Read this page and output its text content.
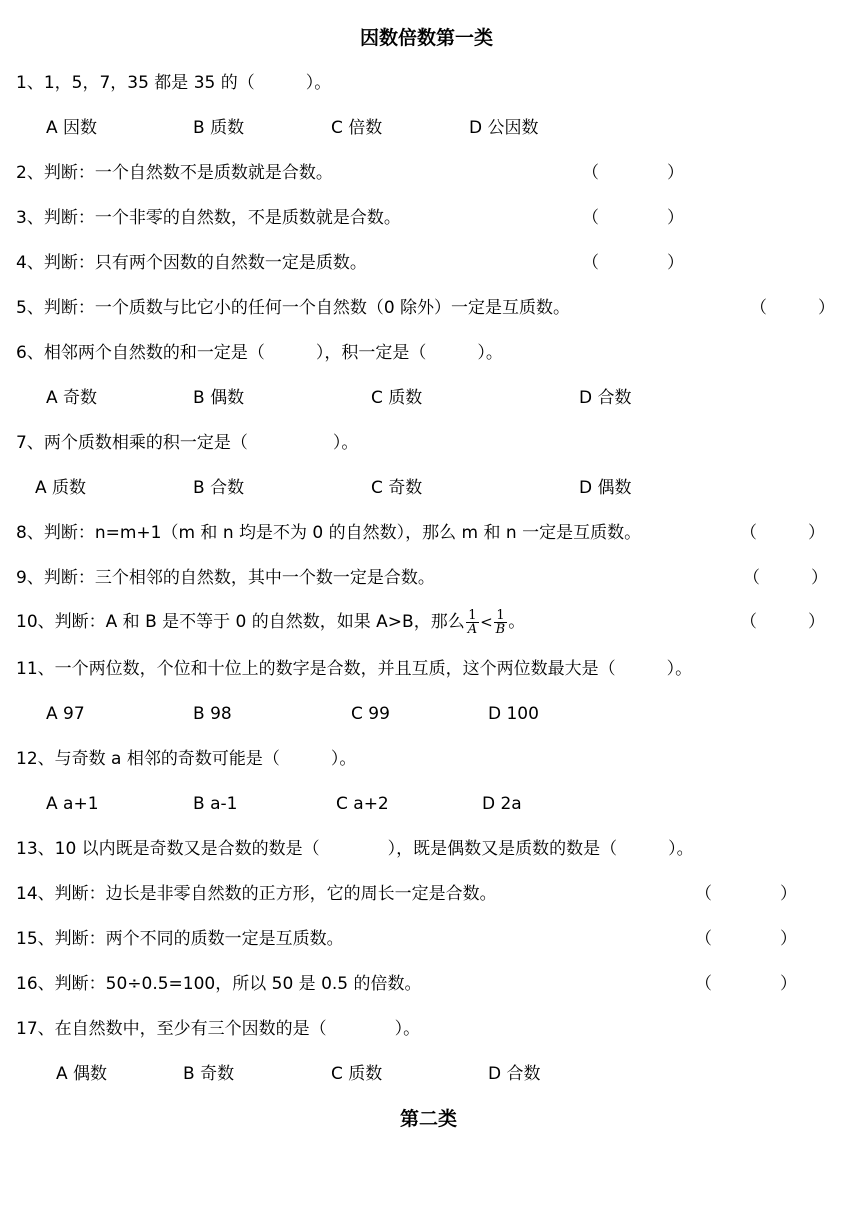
因数倍数第一类
1、1，5，7，35 都是 35 的（　　　）。
A 因数	B 质数	C 倍数	D 公因数
2、判断：一个自然数不是质数就是合数。	（　　　　）
3、判断：一个非零的自然数，不是质数就是合数。	（　　　　）
4、判断：只有两个因数的自然数一定是质数。	（　　　　）
5、判断：一个质数与比它小的任何一个自然数（0 除外）一定是互质数。	（　　　）
6、相邻两个自然数的和一定是（　　　），积一定是（　　　）。
A 奇数	B 偶数	C 质数	D 合数
7、两个质数相乘的积一定是（　　　　　）。
A 质数	B 合数	C 奇数	D 偶数
8、判断：n=m+1（m 和 n 均是不为 0 的自然数），那么 m 和 n 一定是互质数。	（　　　）
9、判断：三个相邻的自然数，其中一个数一定是合数。	（　　　）
10、判断：A 和 B 是不等于 0 的自然数，如果 A>B，那么 $\frac{1}{A} < \frac{1}{B}$ 。	（　　　）
11、一个两位数，个位和十位上的数字是合数，并且互质，这个两位数最大是（　　　）。
A 97	B 98	C 99	D 100
12、与奇数 a 相邻的奇数可能是（　　　）。
A a+1	B a-1	C a+2	D 2a
13、10 以内既是奇数又是合数的数是（　　　　），既是偶数又是质数的数是（　　　）。
14、判断：边长是非零自然数的正方形，它的周长一定是合数。	（　　　　）
15、判断：两个不同的质数一定是互质数。	（　　　　）
16、判断：50÷0.5=100，所以 50 是 0.5 的倍数。	（　　　　）
17、在自然数中，至少有三个因数的是（　　　　）。
A 偶数	B 奇数	C 质数	D 合数
第二类
